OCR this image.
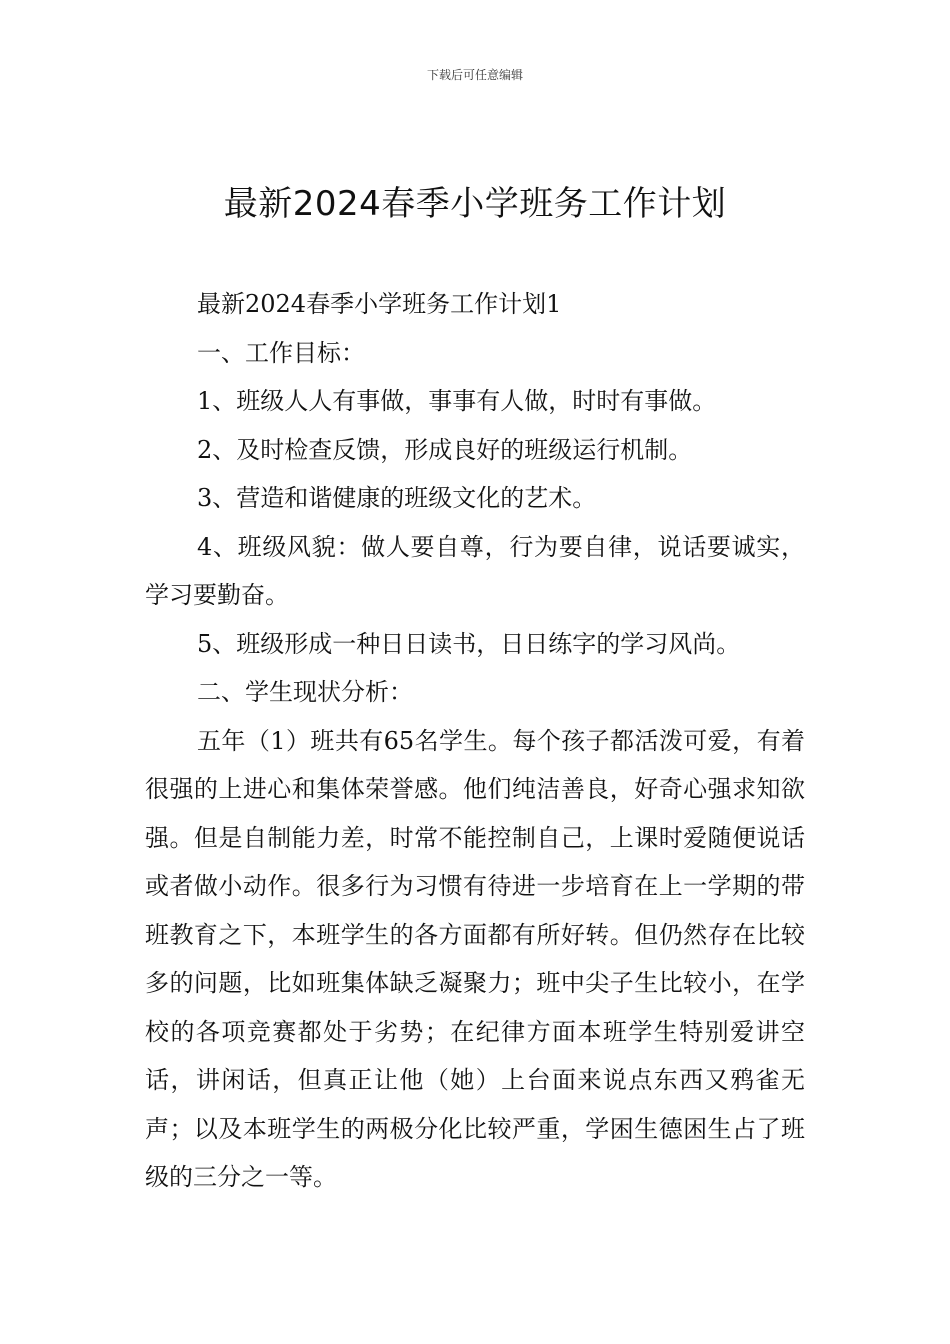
下载后可任意编辑
最新2024春季小学班务工作计划

最新2024春季小学班务工作计划1

一、工作目标：

1、班级人人有事做，事事有人做，时时有事做。

2、及时检查反馈，形成良好的班级运行机制。

3、营造和谐健康的班级文化的艺术。

4、班级风貌：做人要自尊，行为要自律，说话要诚实，学习要勤奋。

5、班级形成一种日日读书，日日练字的学习风尚。

二、学生现状分析：

五年（1）班共有65名学生。每个孩子都活泼可爱，有着很强的上进心和集体荣誉感。他们纯洁善良，好奇心强求知欲强。但是自制能力差，时常不能控制自己，上课时爱随便说话或者做小动作。很多行为习惯有待进一步培育在上一学期的带班教育之下，本班学生的各方面都有所好转。但仍然存在比较多的问题，比如班集体缺乏凝聚力；班中尖子生比较小，在学校的各项竞赛都处于劣势；在纪律方面本班学生特别爱讲空话，讲闲话，但真正让他（她）上台面来说点东西又鸦雀无声；以及本班学生的两极分化比较严重，学困生德困生占了班级的三分之一等。
